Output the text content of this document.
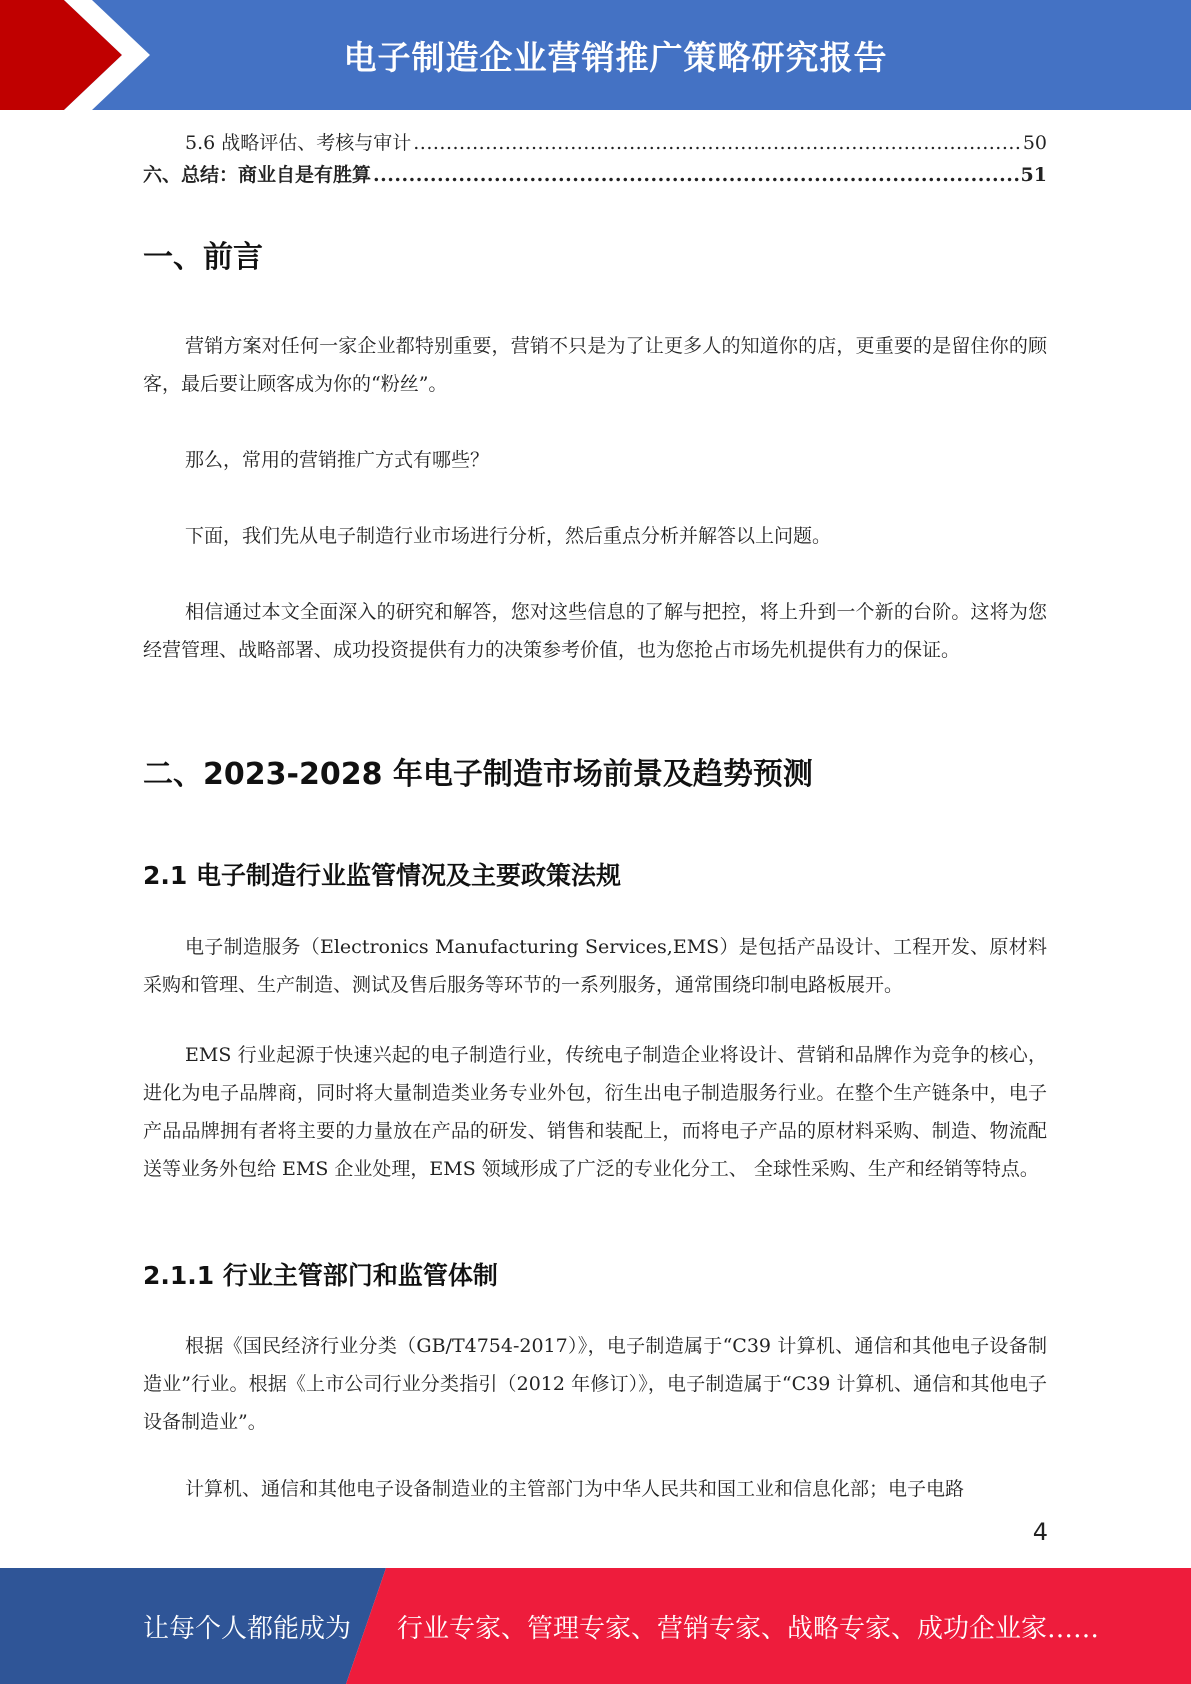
电子制造企业营销推广策略研究报告
5.6 战略评估、考核与审计 .....	50
六、总结：商业自是有胜算 .....	51
一、前言

营销方案对任何一家企业都特别重要，营销不只是为了让更多人的知道你的店，更重要的是留住你的顾客，最后要让顾客成为你的“粉丝”。

那么，常用的营销推广方式有哪些？

下面，我们先从电子制造行业市场进行分析，然后重点分析并解答以上问题。

相信通过本文全面深入的研究和解答，您对这些信息的了解与把控，将上升到一个新的台阶。这将为您经营管理、战略部署、成功投资提供有力的决策参考价值，也为您抢占市场先机提供有力的保证。

二、2023-2028 年电子制造市场前景及趋势预测
2.1 电子制造行业监管情况及主要政策法规

电子制造服务（Electronics Manufacturing Services,EMS）是包括产品设计、工程开发、原材料采购和管理、生产制造、测试及售后服务等环节的一系列服务，通常围绕印制电路板展开。

EMS 行业起源于快速兴起的电子制造行业，传统电子制造企业将设计、营销和品牌作为竞争的核心，进化为电子品牌商，同时将大量制造类业务专业外包，衍生出电子制造服务行业。在整个生产链条中，电子产品品牌拥有者将主要的力量放在产品的研发、销售和装配上，而将电子产品的原材料采购、制造、物流配送等业务外包给 EMS 企业处理，EMS 领域形成了广泛的专业化分工、 全球性采购、生产和经销等特点。

2.1.1 行业主管部门和监管体制

根据《国民经济行业分类（GB/T4754-2017）》，电子制造属于“C39 计算机、通信和其他电子设备制造业”行业。根据《上市公司行业分类指引（2012 年修订）》，电子制造属于“C39 计算机、通信和其他电子设备制造业”。

计算机、通信和其他电子设备制造业的主管部门为中华人民共和国工业和信息化部；电子电路

4
让每个人都能成为 行业专家、管理专家、营销专家、战略专家、成功企业家……
